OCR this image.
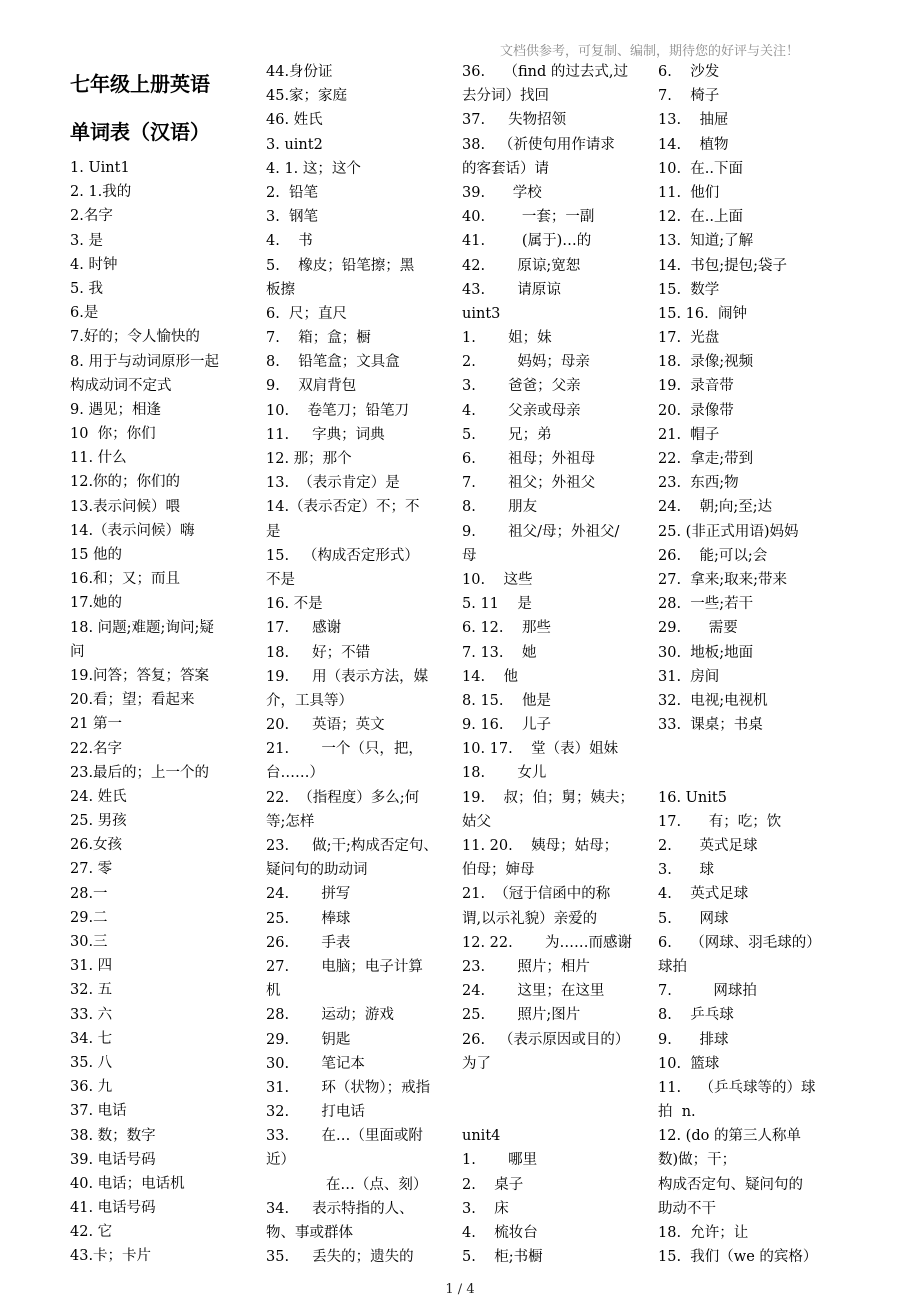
文档供参考，可复制、编制，期待您的好评与关注！
七年级上册英语
单词表（汉语）
1. Uint1
2. 1.我的
2.名字
3. 是
4. 时钟
5. 我
6.是
7.好的；令人愉快的
8. 用于与动词原形一起
构成动词不定式
9. 遇见；相逢
10  你；你们
11. 什么
12.你的；你们的
13.表示问候）喂
14.（表示问候）嗨
15 他的
16.和；又；而且
17.她的
18. 问题;难题;询问;疑
问
19.问答；答复；答案
20.看；望；看起来
21 第一
22.名字
23.最后的；上一个的
24. 姓氏
25. 男孩
26.女孩
27. 零
28.一
29.二
30.三
31. 四
32. 五
33. 六
34. 七
35. 八
36. 九
37. 电话
38. 数；数字
39. 电话号码
40. 电话；电话机
41. 电话号码
42. 它
43.卡；卡片
44.身份证
45.家；家庭
46. 姓氏
3. uint2
4. 1. 这；这个
2.  铅笔
3.  钢笔
4.    书
5.    橡皮；铅笔擦；黑
板擦
6.  尺；直尺
7.    箱；盒；橱
8.    铅笔盒；文具盒
9.    双肩背包
10.    卷笔刀；铅笔刀
11.     字典；词典
12. 那；那个
13.  （表示肯定）是
14.（表示否定）不；不
是
15.   （构成否定形式）
不是
16. 不是
17.     感谢
18.     好；不错
19.     用（表示方法，媒
介，工具等）
20.     英语；英文
21.       一个（只，把，
台……）
22.  （指程度）多么;何
等;怎样
23.     做;干;构成否定句、
疑问句的助动词
24.       拼写
25.       棒球
26.       手表
27.       电脑；电子计算
机
28.       运动；游戏
29.       钥匙
30.       笔记本
31.       环（状物）；戒指
32.       打电话
33.       在…（里面或附
近）
在…（点、刻）
34.     表示特指的人、
物、事或群体
35.     丢失的；遗失的
36.    （find 的过去式,过
去分词）找回
37.     失物招领
38.   （祈使句用作请求
的客套话）请
39.      学校
40.        一套；一副
41.        (属于)…的
42.       原谅;宽恕
43.       请原谅
uint3
1.       姐；妹
2.         妈妈；母亲
3.       爸爸；父亲
4.       父亲或母亲
5.       兄；弟
6.       祖母；外祖母
7.       祖父；外祖父
8.       朋友
9.       祖父/母；外祖父/
母
10.    这些
5. 11    是
6. 12.    那些
7. 13.    她
14.    他
8. 15.    他是
9. 16.    儿子
10. 17.    堂（表）姐妹
18.       女儿
19.    叔；伯；舅；姨夫；
姑父
11. 20.    姨母；姑母；
伯母；婶母
21.  （冠于信函中的称
谓,以示礼貌）亲爱的
12. 22.       为……而感谢
23.       照片；相片
24.       这里；在这里
25.       照片;图片
26.   （表示原因或目的）
为了
unit4
1.       哪里
2.    桌子
3.    床
4.    梳妆台
5.    柜;书橱
6.    沙发
7.    椅子
13.    抽屉
14.    植物
10.  在..下面
11.  他们
12.  在..上面
13.  知道;了解
14.  书包;提包;袋子
15.  数学
15. 16.  闹钟
17.  光盘
18.  录像;视频
19.  录音带
20.  录像带
21.  帽子
22.  拿走;带到
23.  东西;物
24.    朝;向;至;达
25. (非正式用语)妈妈
26.    能;可以;会
27.  拿来;取来;带来
28.  一些;若干
29.      需要
30.  地板;地面
31.  房间
32.  电视;电视机
33.  课桌；书桌
16. Unit5
17.      有；吃；饮
2.      英式足球
3.      球
4.    英式足球
5.      网球
6.    （网球、羽毛球的）
球拍
7.         网球拍
8.    乒乓球
9.      排球
10.  篮球
11.    （乒乓球等的）球
拍  n.
12. (do 的第三人称单
数)做；干；
构成否定句、疑问句的
助动不干
18.  允许；让
15.  我们（we 的宾格）
1 / 4
